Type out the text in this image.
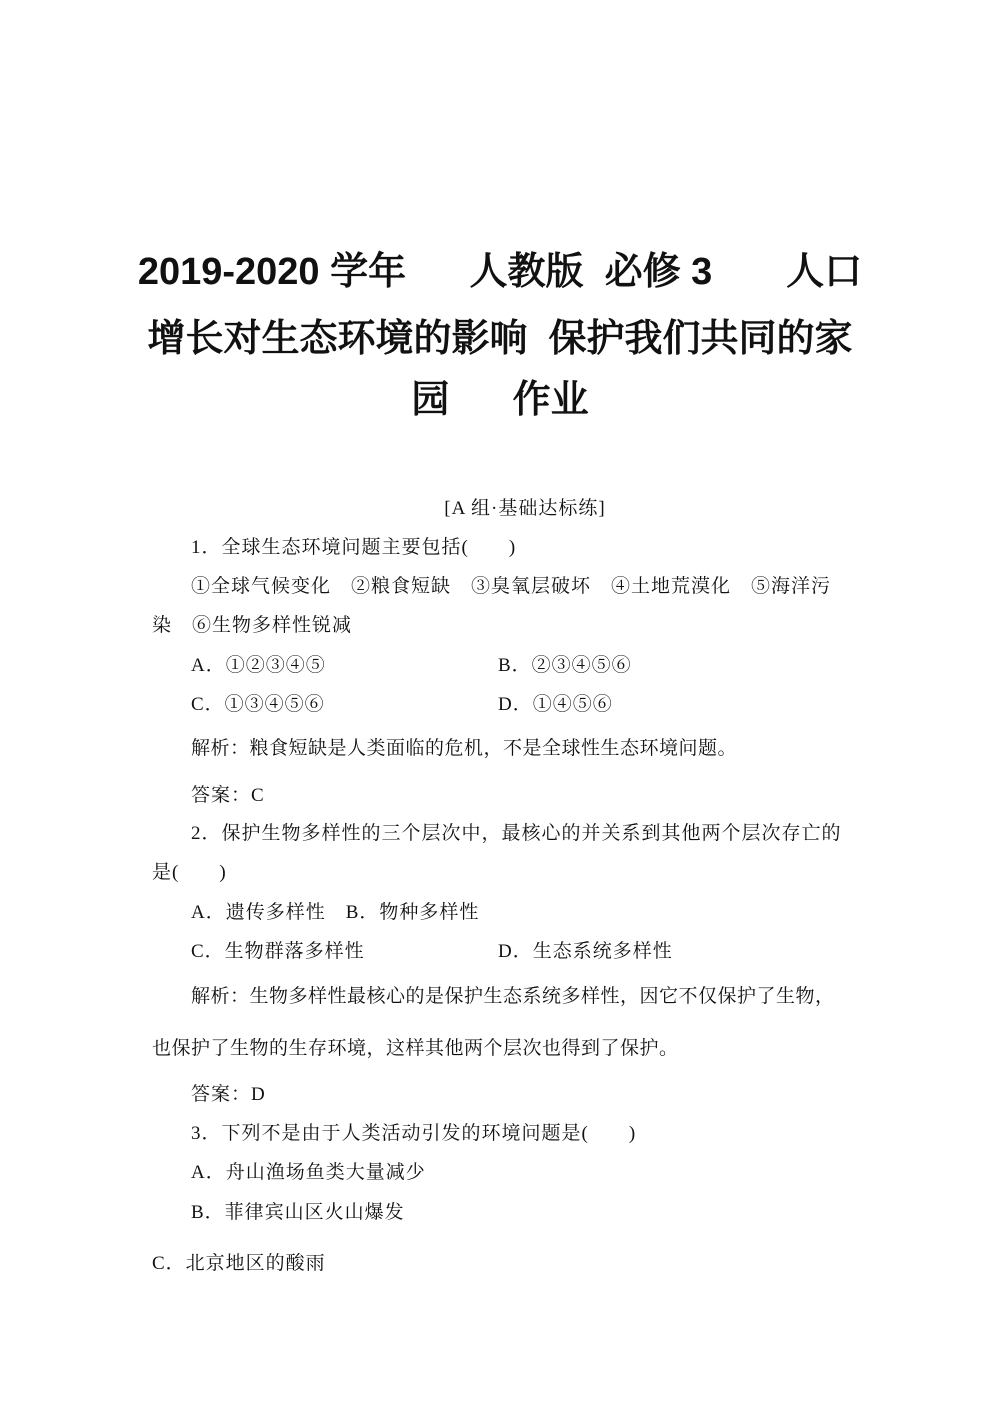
2019-2020 学年      人教版  必修 3       人口
增长对生态环境的影响  保护我们共同的家
园      作业
[A 组·基础达标练]
1．全球生态环境问题主要包括(　　)
①全球气候变化　②粮食短缺　③臭氧层破坏　④土地荒漠化　⑤海洋污
染　⑥生物多样性锐减
A．①②③④⑤	B．②③④⑤⑥
C．①③④⑤⑥	D．①④⑤⑥
解析：粮食短缺是人类面临的危机，不是全球性生态环境问题。
答案：C
2．保护生物多样性的三个层次中，最核心的并关系到其他两个层次存亡的
是(　　)
A．遗传多样性　B．物种多样性
C．生物群落多样性	D．生态系统多样性
解析：生物多样性最核心的是保护生态系统多样性，因它不仅保护了生物，
也保护了生物的生存环境，这样其他两个层次也得到了保护。
答案：D
3．下列不是由于人类活动引发的环境问题是(　　)
A．舟山渔场鱼类大量减少
B．菲律宾山区火山爆发
C．北京地区的酸雨
